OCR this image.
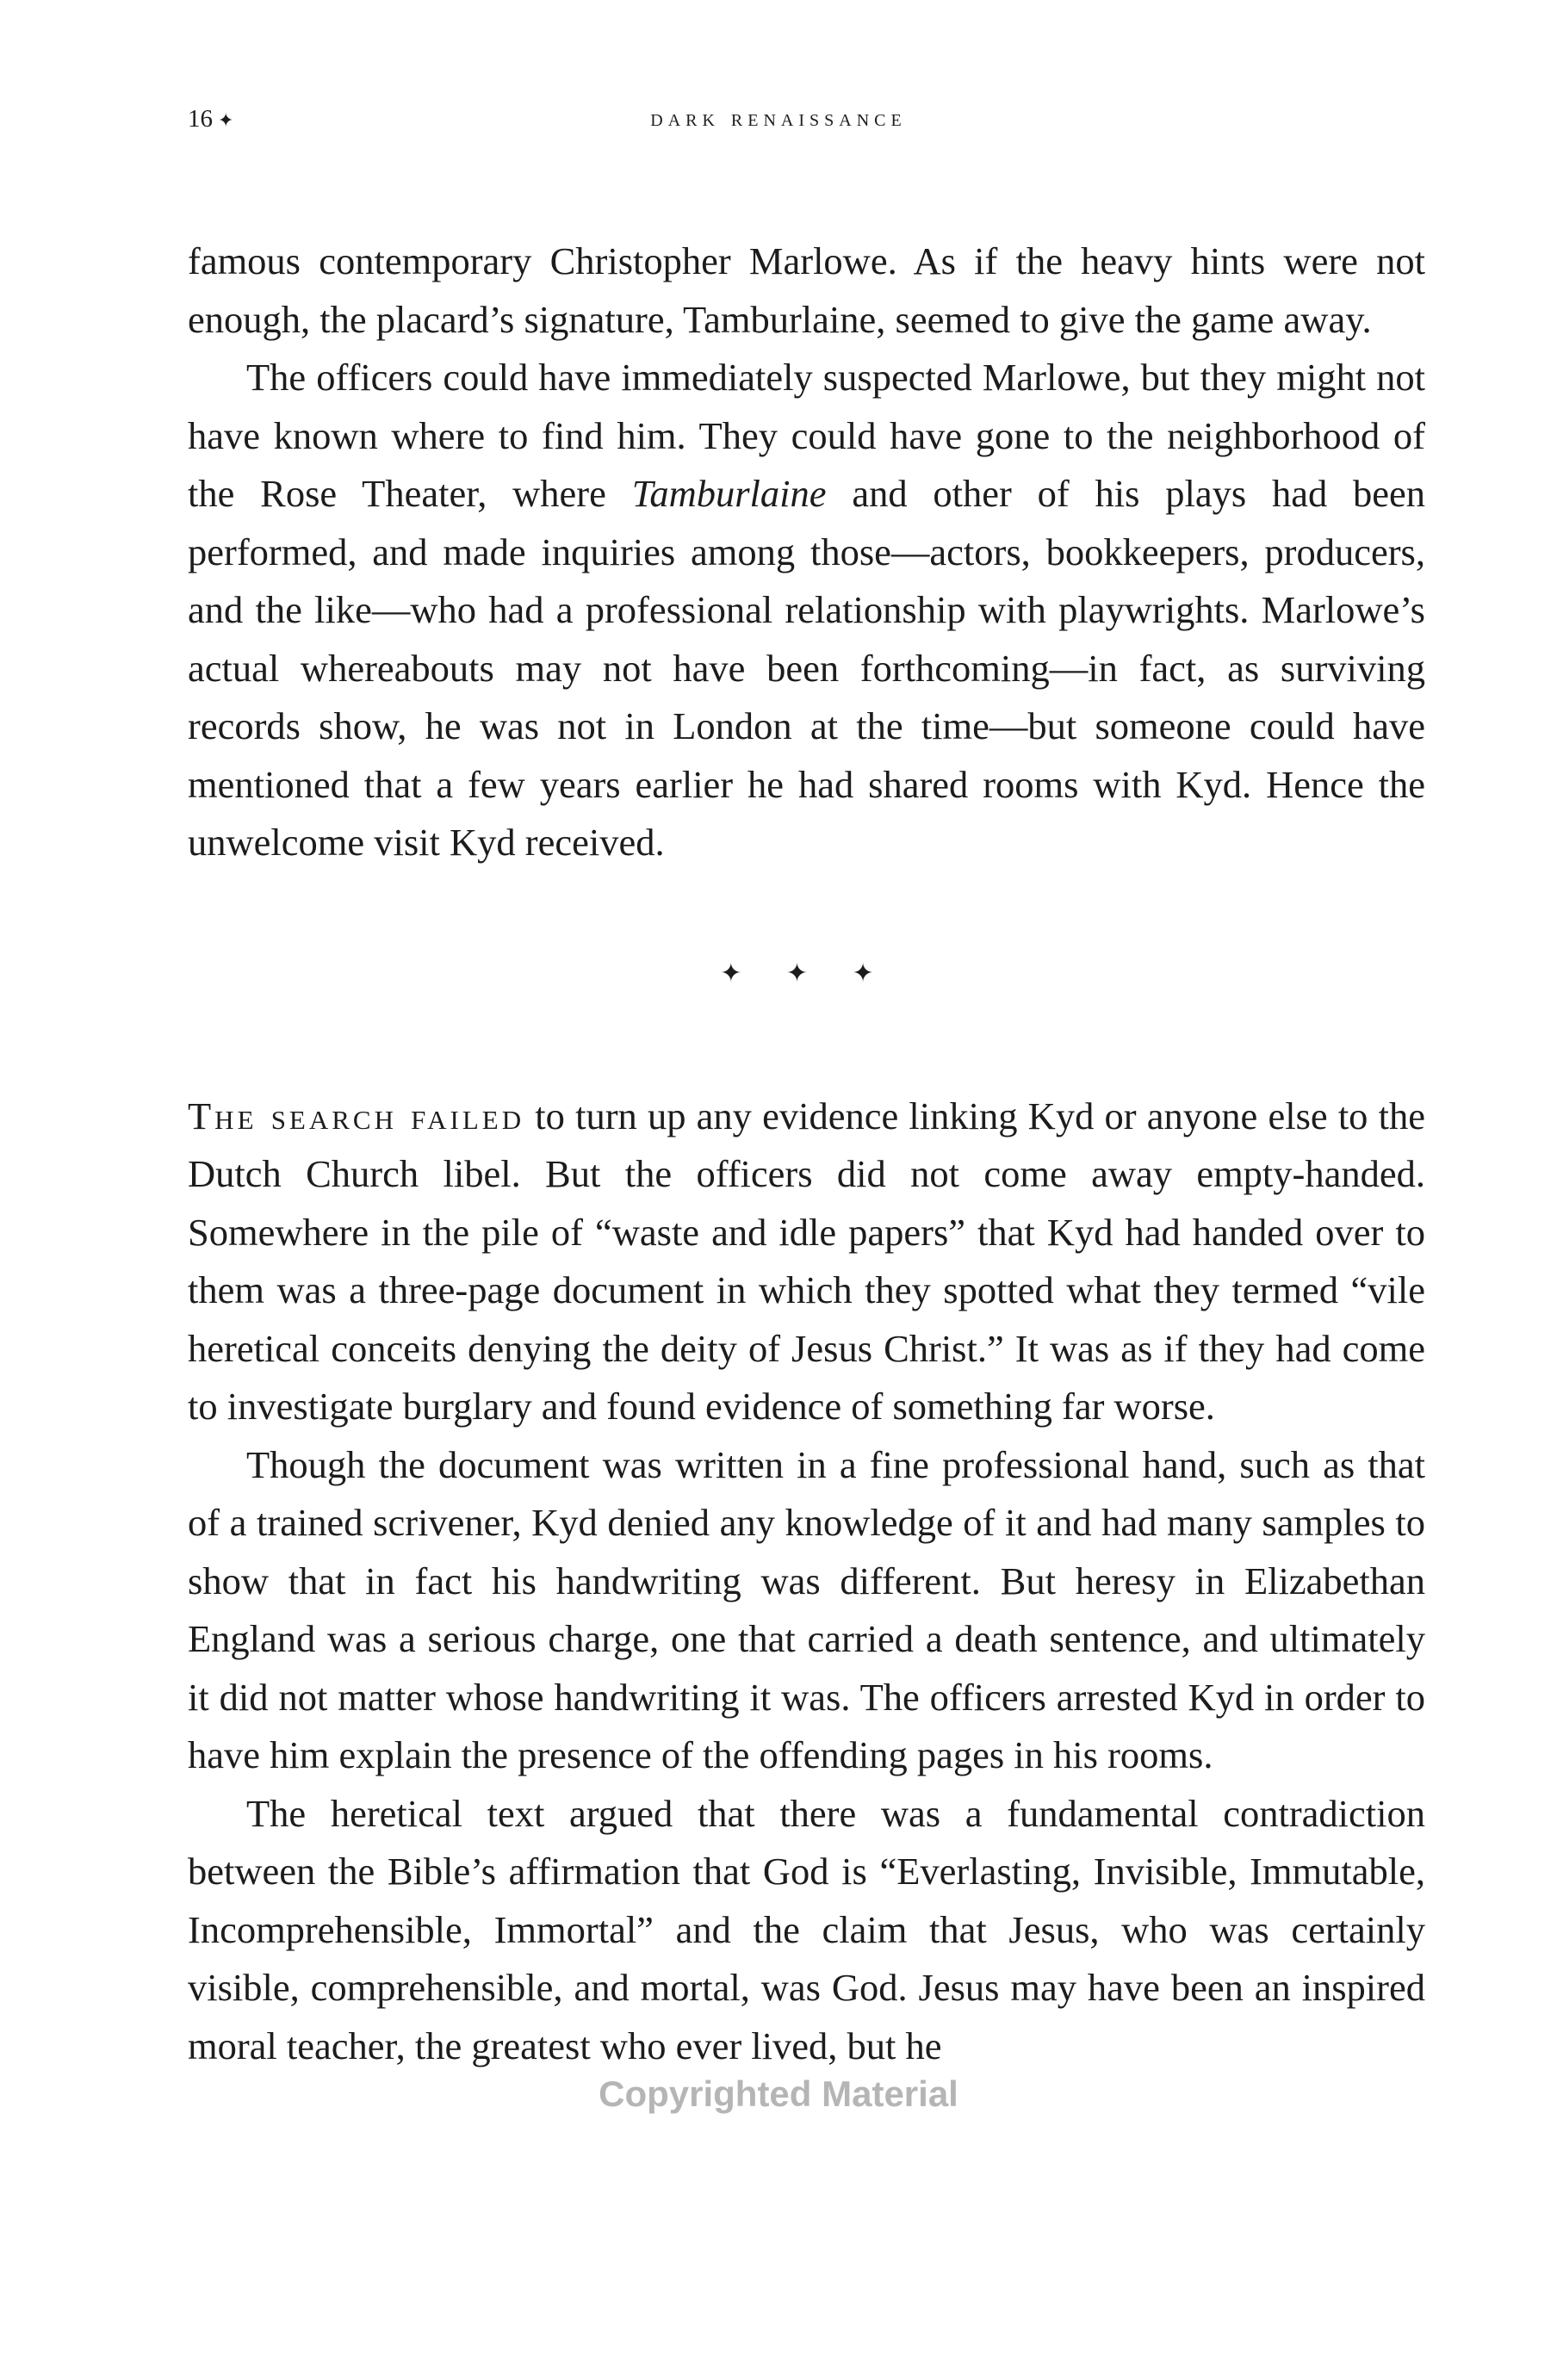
16 ✦	dark renaissance

famous contemporary Christopher Marlowe. As if the heavy hints were not enough, the placard’s signature, Tamburlaine, seemed to give the game away.

The officers could have immediately suspected Marlowe, but they might not have known where to find him. They could have gone to the neighborhood of the Rose Theater, where Tamburlaine and other of his plays had been performed, and made inquiries among those—actors, bookkeepers, producers, and the like—who had a professional relationship with playwrights. Marlowe’s actual whereabouts may not have been forthcoming—in fact, as surviving records show, he was not in London at the time—but someone could have mentioned that a few years earlier he had shared rooms with Kyd. Hence the unwelcome visit Kyd received.

✦ ✦ ✦

The search failed to turn up any evidence linking Kyd or anyone else to the Dutch Church libel. But the officers did not come away empty-handed. Somewhere in the pile of “waste and idle papers” that Kyd had handed over to them was a three-page document in which they spotted what they termed “vile heretical conceits denying the deity of Jesus Christ.” It was as if they had come to investigate burglary and found evidence of something far worse.

Though the document was written in a fine professional hand, such as that of a trained scrivener, Kyd denied any knowledge of it and had many samples to show that in fact his handwriting was different. But heresy in Elizabethan England was a serious charge, one that carried a death sentence, and ultimately it did not matter whose handwriting it was. The officers arrested Kyd in order to have him explain the presence of the offending pages in his rooms.

The heretical text argued that there was a fundamental contradiction between the Bible’s affirmation that God is “Everlasting, Invisible, Immutable, Incomprehensible, Immortal” and the claim that Jesus, who was certainly visible, comprehensible, and mortal, was God. Jesus may have been an inspired moral teacher, the greatest who ever lived, but he

Copyrighted Material
